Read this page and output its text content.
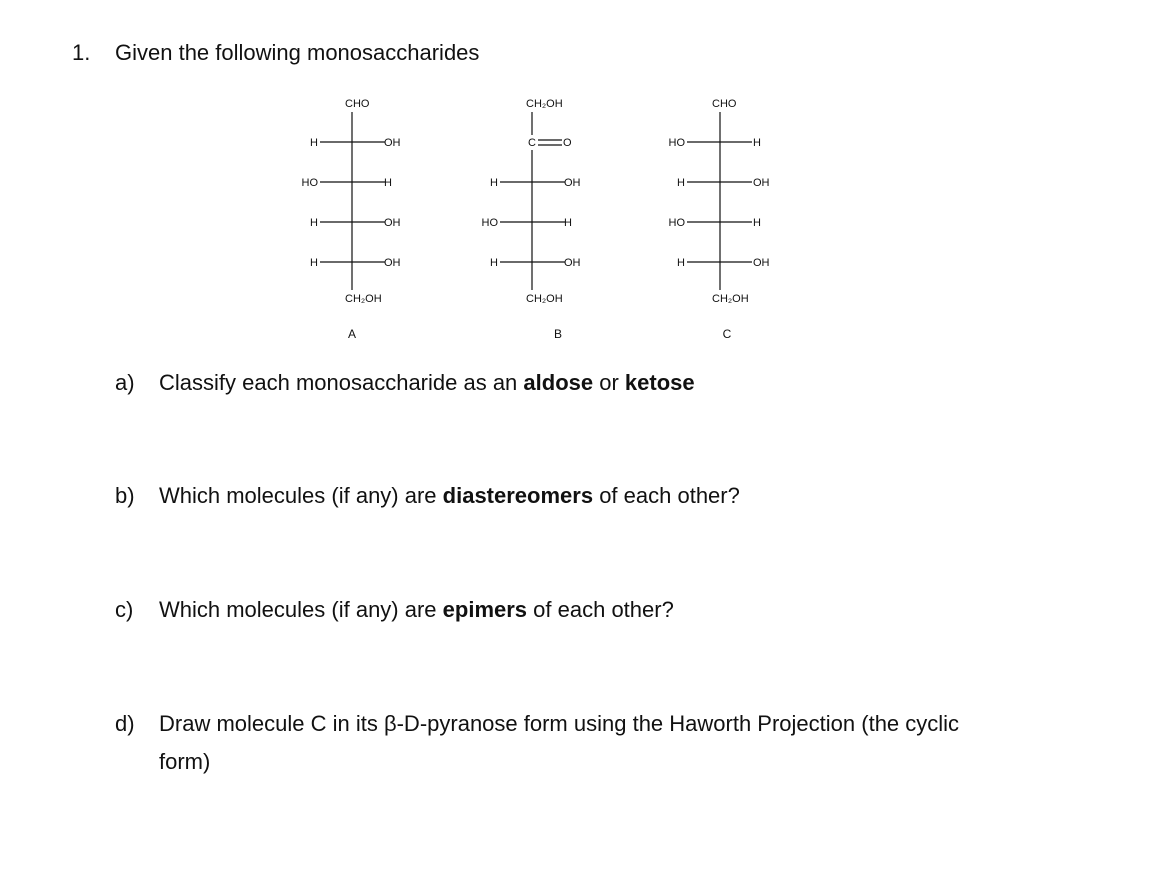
1. Given the following monosaccharides
CHO
H	OH
HO	H
H	OH
H	OH
CH₂OH
A
CH₂OH
C O
H	OH
HO	H
H	OH
CH₂OH
B
CHO
HO	H
H	OH
HO	H
H	OH
CH₂OH
C
a) Classify each monosaccharide as an aldose or ketose
b) Which molecules (if any) are diastereomers of each other?
c) Which molecules (if any) are epimers of each other?
d) Draw molecule C in its β-D-pyranose form using the Haworth Projection (the cyclic
form)
